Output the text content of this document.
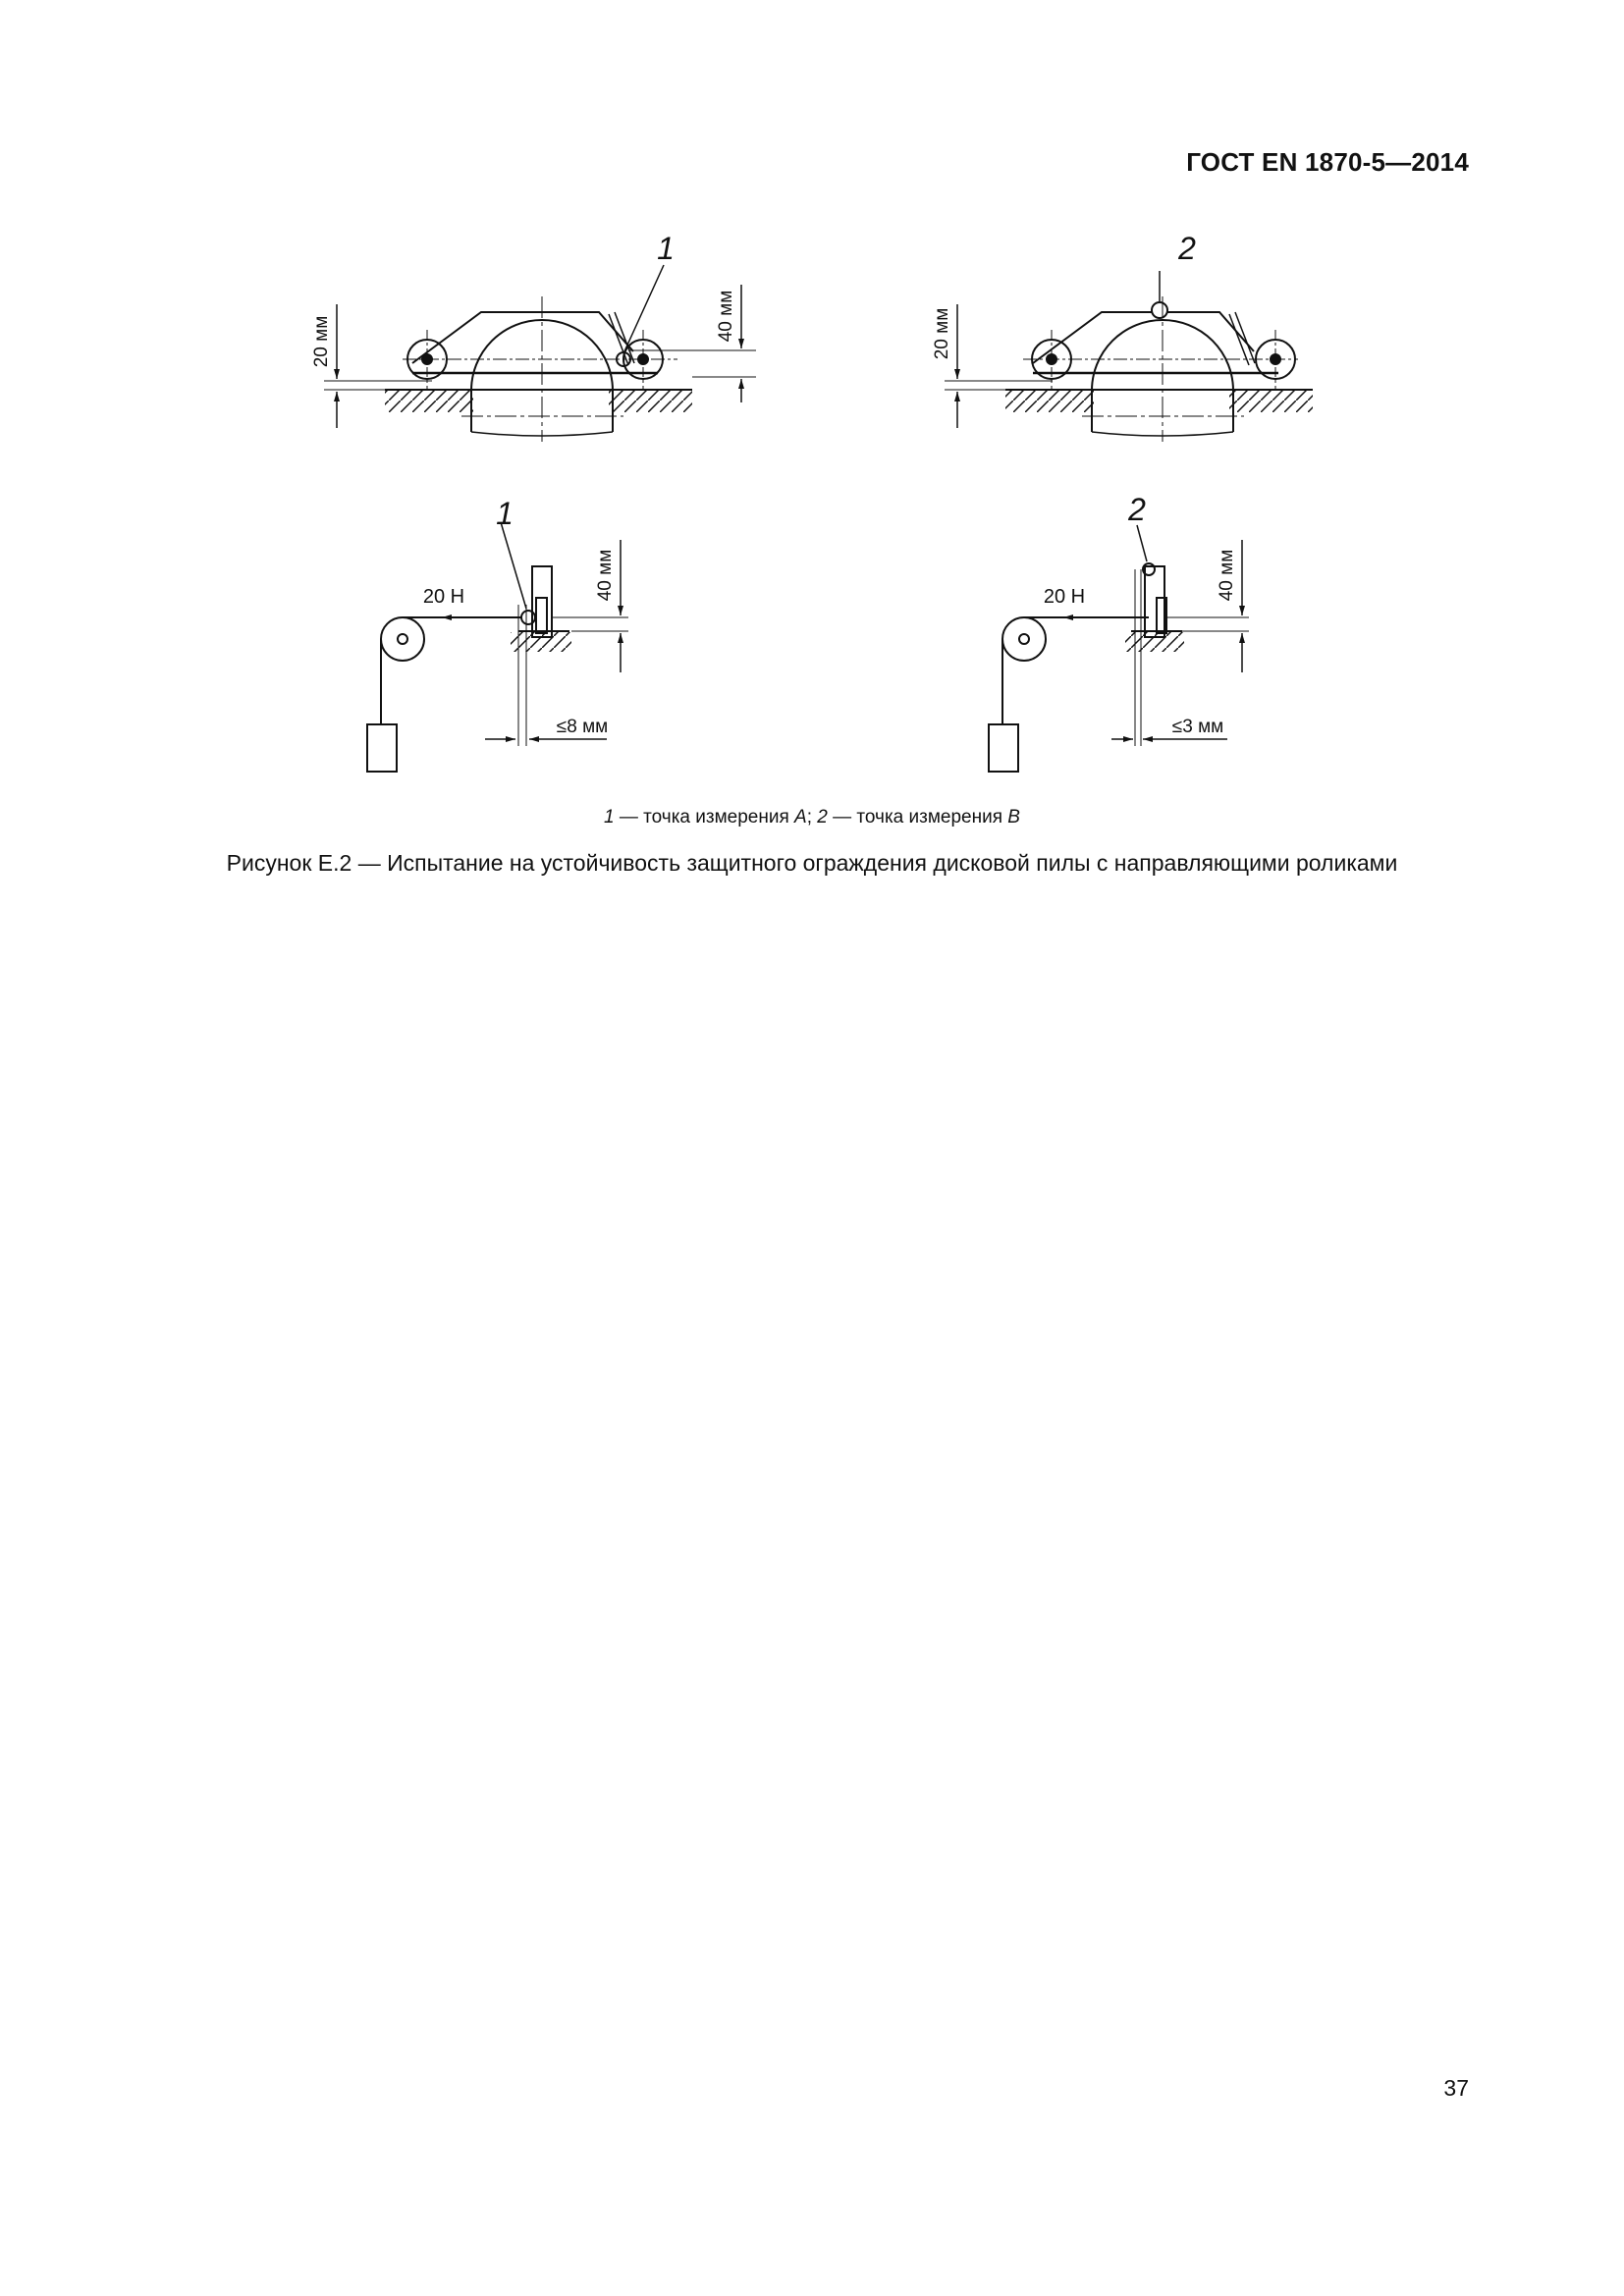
ГОСТ EN 1870-5—2014
1
20 мм	40 мм
2
20 мм
1
20 Н	40 мм
≤8 мм
2
20 Н	40 мм
≤3 мм
1 — точка измерения A; 2 — точка измерения B
Рисунок E.2 — Испытание на устойчивость защитного ограждения дисковой пилы с направляющими роликами
37
